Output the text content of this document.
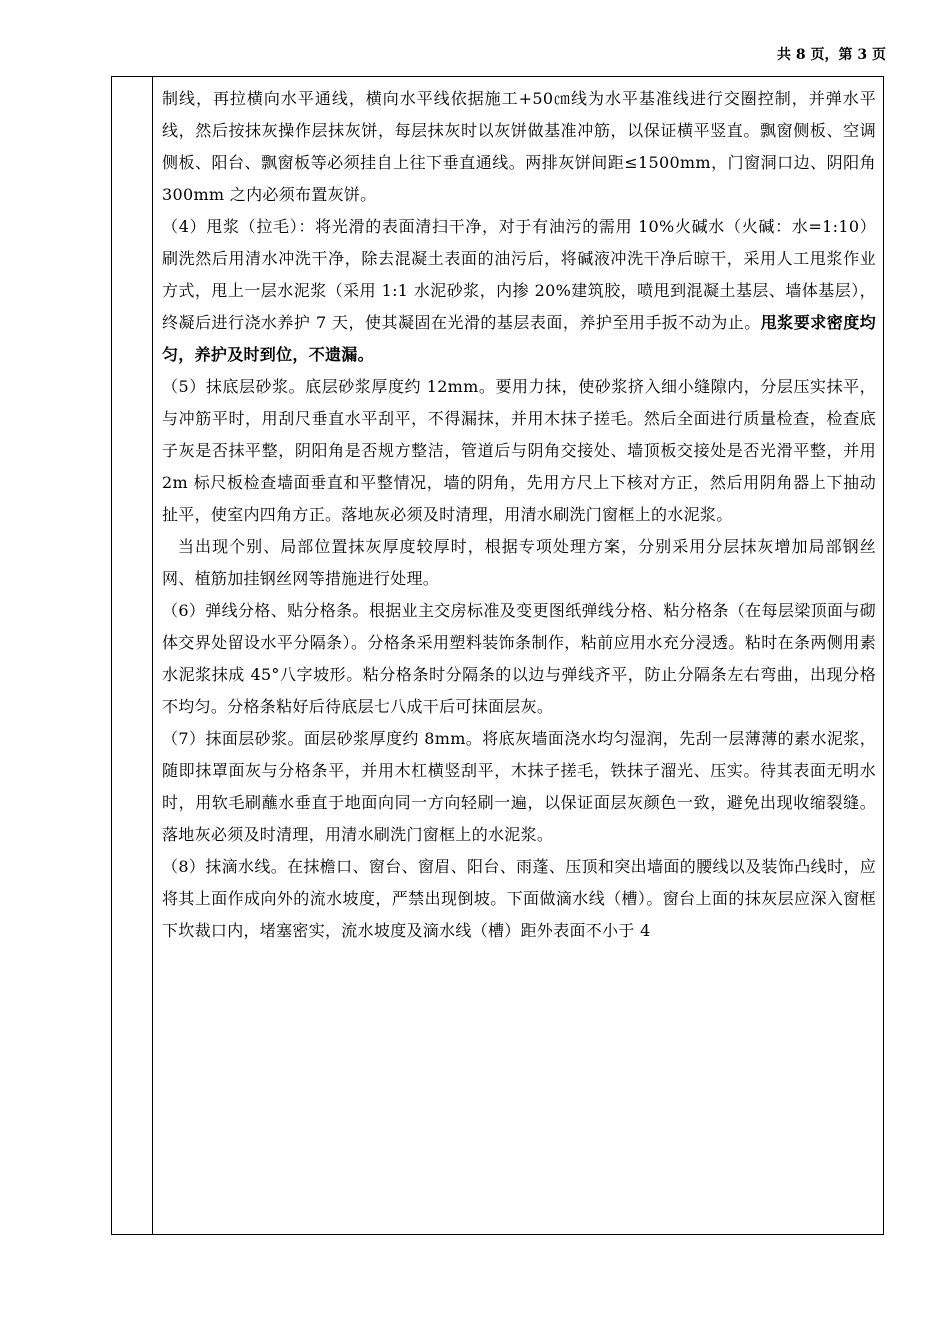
共 8 页，第 3 页

制线，再拉横向水平通线，横向水平线依据施工+50㎝线为水平基准线进行交圈控制，并弹水平线，然后按抹灰操作层抹灰饼，每层抹灰时以灰饼做基准冲筋，以保证横平竖直。飘窗侧板、空调侧板、阳台、飘窗板等必须挂自上往下垂直通线。两排灰饼间距≤1500mm，门窗洞口边、阴阳角 300mm 之内必须布置灰饼。

（4）甩浆（拉毛）：将光滑的表面清扫干净，对于有油污的需用 10%火碱水（火碱：水=1:10）刷洗然后用清水冲洗干净，除去混凝土表面的油污后，将碱液冲洗干净后晾干，采用人工甩浆作业方式，甩上一层水泥浆（采用 1:1 水泥砂浆，内掺 20%建筑胶，喷甩到混凝土基层、墙体基层），终凝后进行浇水养护 7 天，使其凝固在光滑的基层表面，养护至用手扳不动为止。甩浆要求密度均匀，养护及时到位，不遗漏。

（5）抹底层砂浆。底层砂浆厚度约 12mm。要用力抹，使砂浆挤入细小缝隙内，分层压实抹平，与冲筋平时，用刮尺垂直水平刮平，不得漏抹，并用木抹子搓毛。然后全面进行质量检查，检查底子灰是否抹平整，阴阳角是否规方整洁，管道后与阴角交接处、墙顶板交接处是否光滑平整，并用 2m 标尺板检查墙面垂直和平整情况，墙的阴角，先用方尺上下核对方正，然后用阴角器上下抽动扯平，使室内四角方正。落地灰必须及时清理，用清水刷洗门窗框上的水泥浆。

当出现个别、局部位置抹灰厚度较厚时，根据专项处理方案，分别采用分层抹灰增加局部钢丝网、植筋加挂钢丝网等措施进行处理。

（6）弹线分格、贴分格条。根据业主交房标准及变更图纸弹线分格、粘分格条（在每层梁顶面与砌体交界处留设水平分隔条）。分格条采用塑料装饰条制作，粘前应用水充分浸透。粘时在条两侧用素水泥浆抹成 45°八字坡形。粘分格条时分隔条的以边与弹线齐平，防止分隔条左右弯曲，出现分格不均匀。分格条粘好后待底层七八成干后可抹面层灰。

（7）抹面层砂浆。面层砂浆厚度约 8mm。将底灰墙面浇水均匀湿润，先刮一层薄薄的素水泥浆，随即抹罩面灰与分格条平，并用木杠横竖刮平，木抹子搓毛，铁抹子溜光、压实。待其表面无明水时，用软毛刷蘸水垂直于地面向同一方向轻刷一遍，以保证面层灰颜色一致，避免出现收缩裂缝。落地灰必须及时清理，用清水刷洗门窗框上的水泥浆。

（8）抹滴水线。在抹檐口、窗台、窗眉、阳台、雨蓬、压顶和突出墙面的腰线以及装饰凸线时，应将其上面作成向外的流水坡度，严禁出现倒坡。下面做滴水线（槽）。窗台上面的抹灰层应深入窗框下坎裁口内，堵塞密实，流水坡度及滴水线（槽）距外表面不小于 4
